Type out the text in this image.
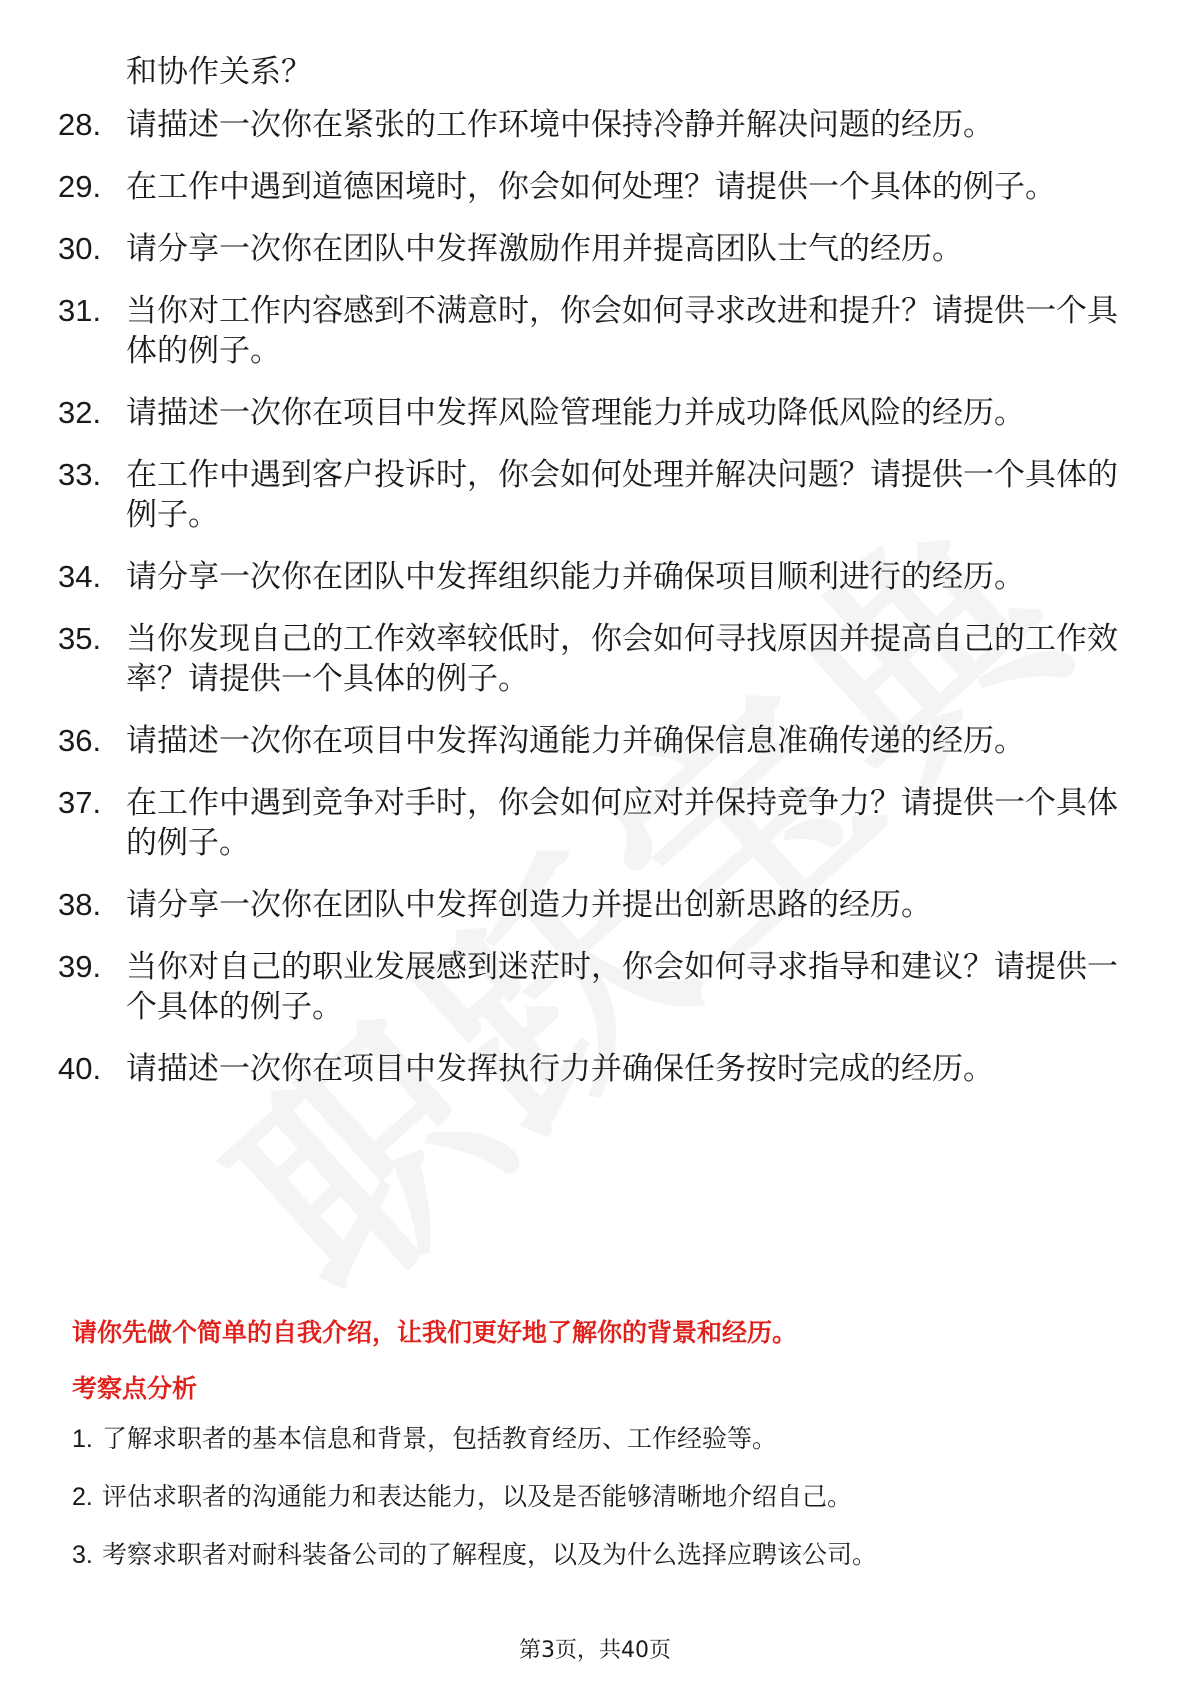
和协作关系？
28. 请描述一次你在紧张的工作环境中保持冷静并解决问题的经历。
29. 在工作中遇到道德困境时，你会如何处理？请提供一个具体的例子。
30. 请分享一次你在团队中发挥激励作用并提高团队士气的经历。
31. 当你对工作内容感到不满意时，你会如何寻求改进和提升？请提供一个具体的例子。
32. 请描述一次你在项目中发挥风险管理能力并成功降低风险的经历。
33. 在工作中遇到客户投诉时，你会如何处理并解决问题？请提供一个具体的例子。
34. 请分享一次你在团队中发挥组织能力并确保项目顺利进行的经历。
35. 当你发现自己的工作效率较低时，你会如何寻找原因并提高自己的工作效率？请提供一个具体的例子。
36. 请描述一次你在项目中发挥沟通能力并确保信息准确传递的经历。
37. 在工作中遇到竞争对手时，你会如何应对并保持竞争力？请提供一个具体的例子。
38. 请分享一次你在团队中发挥创造力并提出创新思路的经历。
39. 当你对自己的职业发展感到迷茫时，你会如何寻求指导和建议？请提供一个具体的例子。
40. 请描述一次你在项目中发挥执行力并确保任务按时完成的经历。
请你先做个简单的自我介绍，让我们更好地了解你的背景和经历。
考察点分析
1. 了解求职者的基本信息和背景，包括教育经历、工作经验等。
2. 评估求职者的沟通能力和表达能力，以及是否能够清晰地介绍自己。
3. 考察求职者对耐科装备公司的了解程度，以及为什么选择应聘该公司。
第3页，共40页
